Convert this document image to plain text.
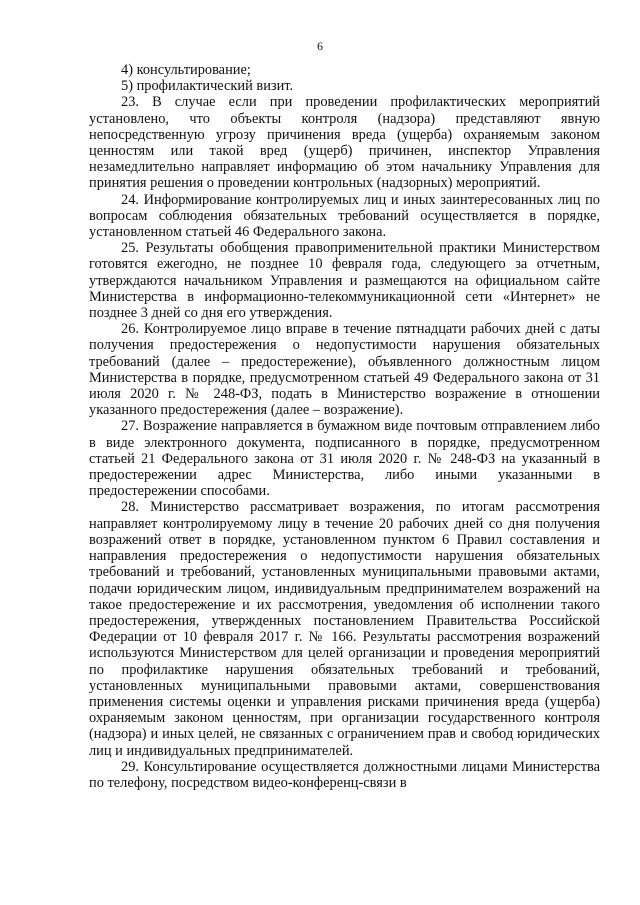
6

4) консультирование;

5) профилактический визит.

23. В случае если при проведении профилактических мероприятий установлено, что объекты контроля (надзора) представляют явную непосредственную угрозу причинения вреда (ущерба) охраняемым законом ценностям или такой вред (ущерб) причинен, инспектор Управления незамедлительно направляет информацию об этом начальнику Управления для принятия решения о проведении контрольных (надзорных) мероприятий.

24. Информирование контролируемых лиц и иных заинтересованных лиц по вопросам соблюдения обязательных требований осуществляется в порядке, установленном статьей 46 Федерального закона.

25. Результаты обобщения правоприменительной практики Министерством готовятся ежегодно, не позднее 10 февраля года, следующего за отчетным, утверждаются начальником Управления и размещаются на официальном сайте Министерства в информационно-телекоммуникационной сети «Интернет» не позднее 3 дней со дня его утверждения.

26. Контролируемое лицо вправе в течение пятнадцати рабочих дней с даты получения предостережения о недопустимости нарушения обязательных требований (далее – предостережение), объявленного должностным лицом Министерства в порядке, предусмотренном статьей 49 Федерального закона от 31 июля 2020 г. № 248-ФЗ, подать в Министерство возражение в отношении указанного предостережения (далее – возражение).

27. Возражение направляется в бумажном виде почтовым отправлением либо в виде электронного документа, подписанного в порядке, предусмотренном статьей 21 Федерального закона от 31 июля 2020 г. № 248-ФЗ на указанный в предостережении адрес Министерства, либо иными указанными в предостережении способами.

28. Министерство рассматривает возражения, по итогам рассмотрения направляет контролируемому лицу в течение 20 рабочих дней со дня получения возражений ответ в порядке, установленном пунктом 6 Правил составления и направления предостережения о недопустимости нарушения обязательных требований и требований, установленных муниципальными правовыми актами, подачи юридическим лицом, индивидуальным предпринимателем возражений на такое предостережение и их рассмотрения, уведомления об исполнении такого предостережения, утвержденных постановлением Правительства Российской Федерации от 10 февраля 2017 г. № 166. Результаты рассмотрения возражений используются Министерством для целей организации и проведения мероприятий по профилактике нарушения обязательных требований и требований, установленных муниципальными правовыми актами, совершенствования применения системы оценки и управления рисками причинения вреда (ущерба) охраняемым законом ценностям, при организации государственного контроля (надзора) и иных целей, не связанных с ограничением прав и свобод юридических лиц и индивидуальных предпринимателей.

29. Консультирование осуществляется должностными лицами Министерства по телефону, посредством видео-конференц-связи в
